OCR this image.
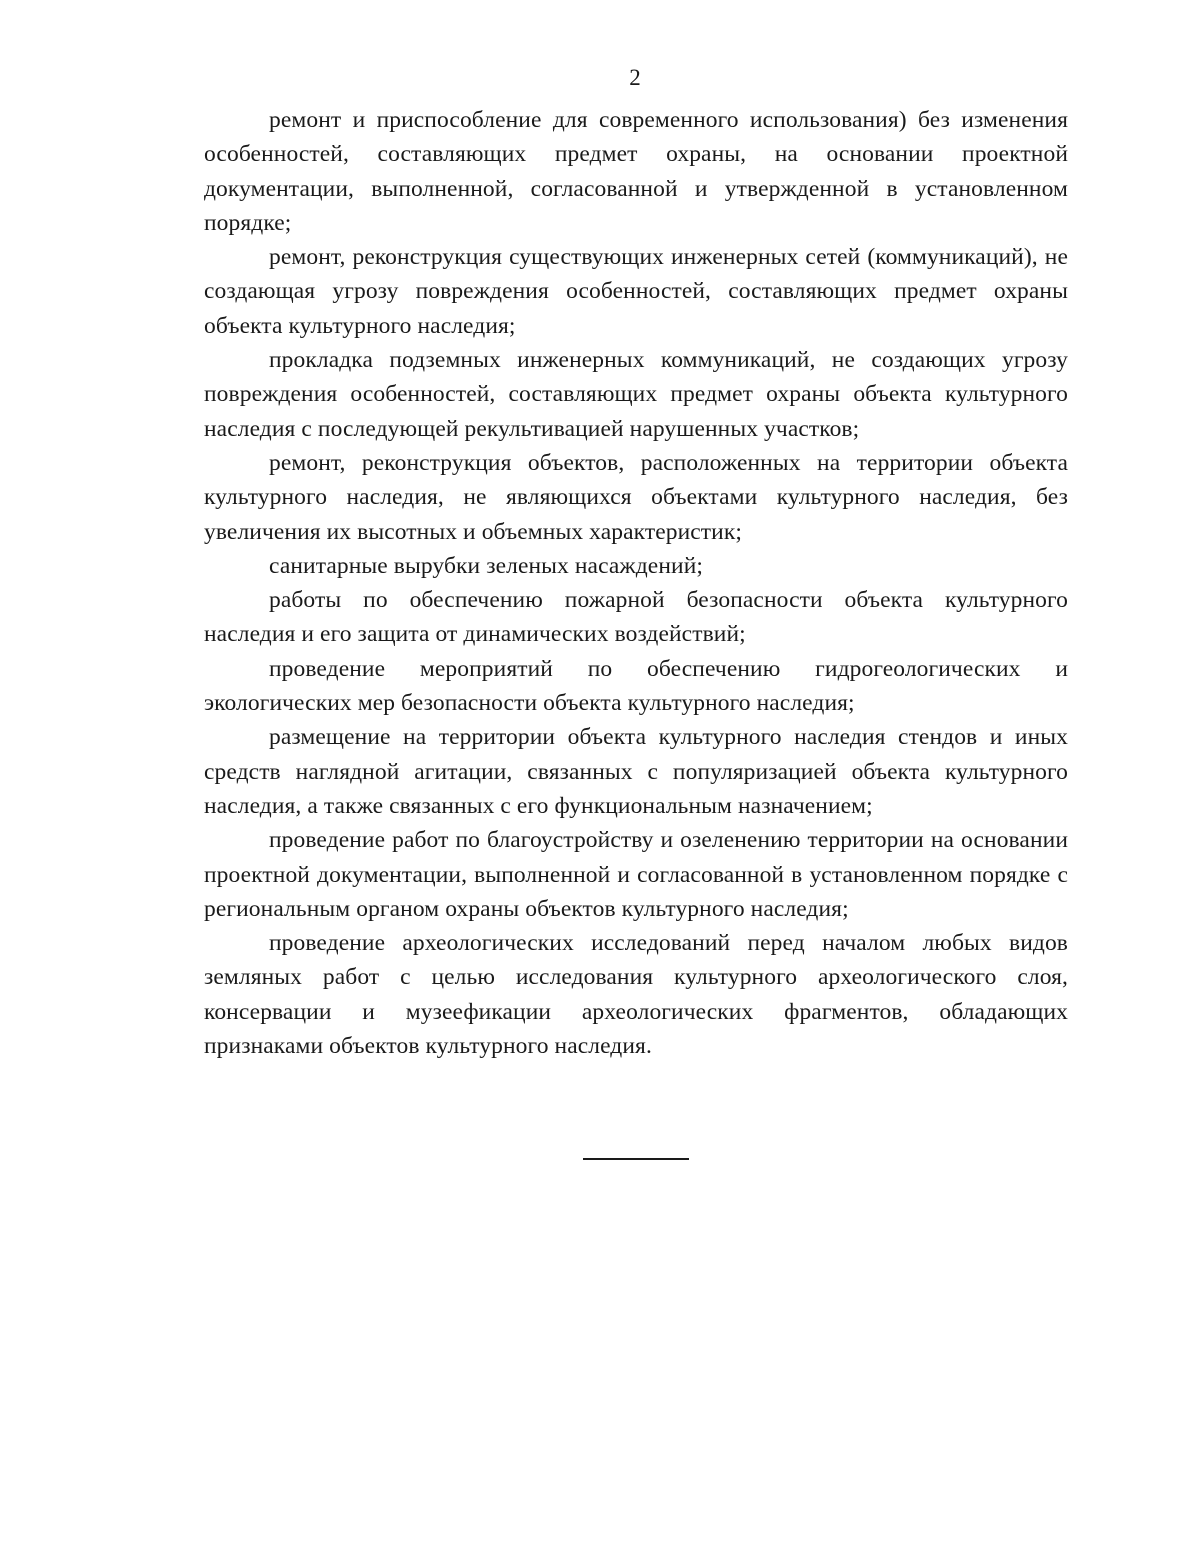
2

ремонт и приспособление для современного использования) без изменения особенностей, составляющих предмет охраны, на основании проектной документации, выполненной, согласованной и утвержденной в установленном порядке;

ремонт, реконструкция существующих инженерных сетей (коммуникаций), не создающая угрозу повреждения особенностей, составляющих предмет охраны объекта культурного наследия;

прокладка подземных инженерных коммуникаций, не создающих угрозу повреждения особенностей, составляющих предмет охраны объекта культурного наследия с последующей рекультивацией нарушенных участков;

ремонт, реконструкция объектов, расположенных на территории объекта культурного наследия, не являющихся объектами культурного наследия, без увеличения их высотных и объемных характеристик;

санитарные вырубки зеленых насаждений;

работы по обеспечению пожарной безопасности объекта культурного наследия и его защита от динамических воздействий;

проведение мероприятий по обеспечению гидрогеологических и экологических мер безопасности объекта культурного наследия;

размещение на территории объекта культурного наследия стендов и иных средств наглядной агитации, связанных с популяризацией объекта культурного наследия, а также связанных с его функциональным назначением;

проведение работ по благоустройству и озеленению территории на основании проектной документации, выполненной и согласованной в установленном порядке с региональным органом охраны объектов культурного наследия;

проведение археологических исследований перед началом любых видов земляных работ с целью исследования культурного археологического слоя, консервации и музеефикации археологических фрагментов, обладающих признаками объектов культурного наследия.
